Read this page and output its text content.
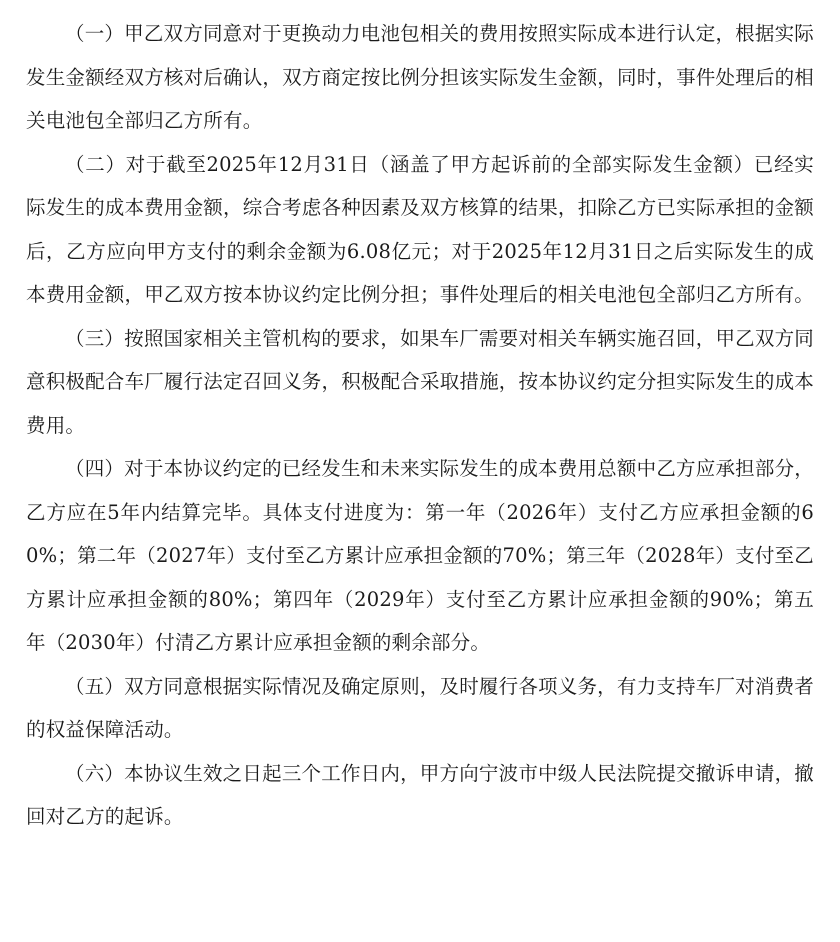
（一）甲乙双方同意对于更换动力电池包相关的费用按照实际成本进行认定，根据实际发生金额经双方核对后确认，双方商定按比例分担该实际发生金额，同时，事件处理后的相关电池包全部归乙方所有。

（二）对于截至2025年12月31日（涵盖了甲方起诉前的全部实际发生金额）已经实际发生的成本费用金额，综合考虑各种因素及双方核算的结果，扣除乙方已实际承担的金额后，乙方应向甲方支付的剩余金额为6.08亿元；对于2025年12月31日之后实际发生的成本费用金额，甲乙双方按本协议约定比例分担；事件处理后的相关电池包全部归乙方所有。

（三）按照国家相关主管机构的要求，如果车厂需要对相关车辆实施召回，甲乙双方同意积极配合车厂履行法定召回义务，积极配合采取措施，按本协议约定分担实际发生的成本费用。

（四）对于本协议约定的已经发生和未来实际发生的成本费用总额中乙方应承担部分，乙方应在5年内结算完毕。具体支付进度为：第一年（2026年）支付乙方应承担金额的60%；第二年（2027年）支付至乙方累计应承担金额的70%；第三年（2028年）支付至乙方累计应承担金额的80%；第四年（2029年）支付至乙方累计应承担金额的90%；第五年（2030年）付清乙方累计应承担金额的剩余部分。

（五）双方同意根据实际情况及确定原则，及时履行各项义务，有力支持车厂对消费者的权益保障活动。

（六）本协议生效之日起三个工作日内，甲方向宁波市中级人民法院提交撤诉申请，撤回对乙方的起诉。
